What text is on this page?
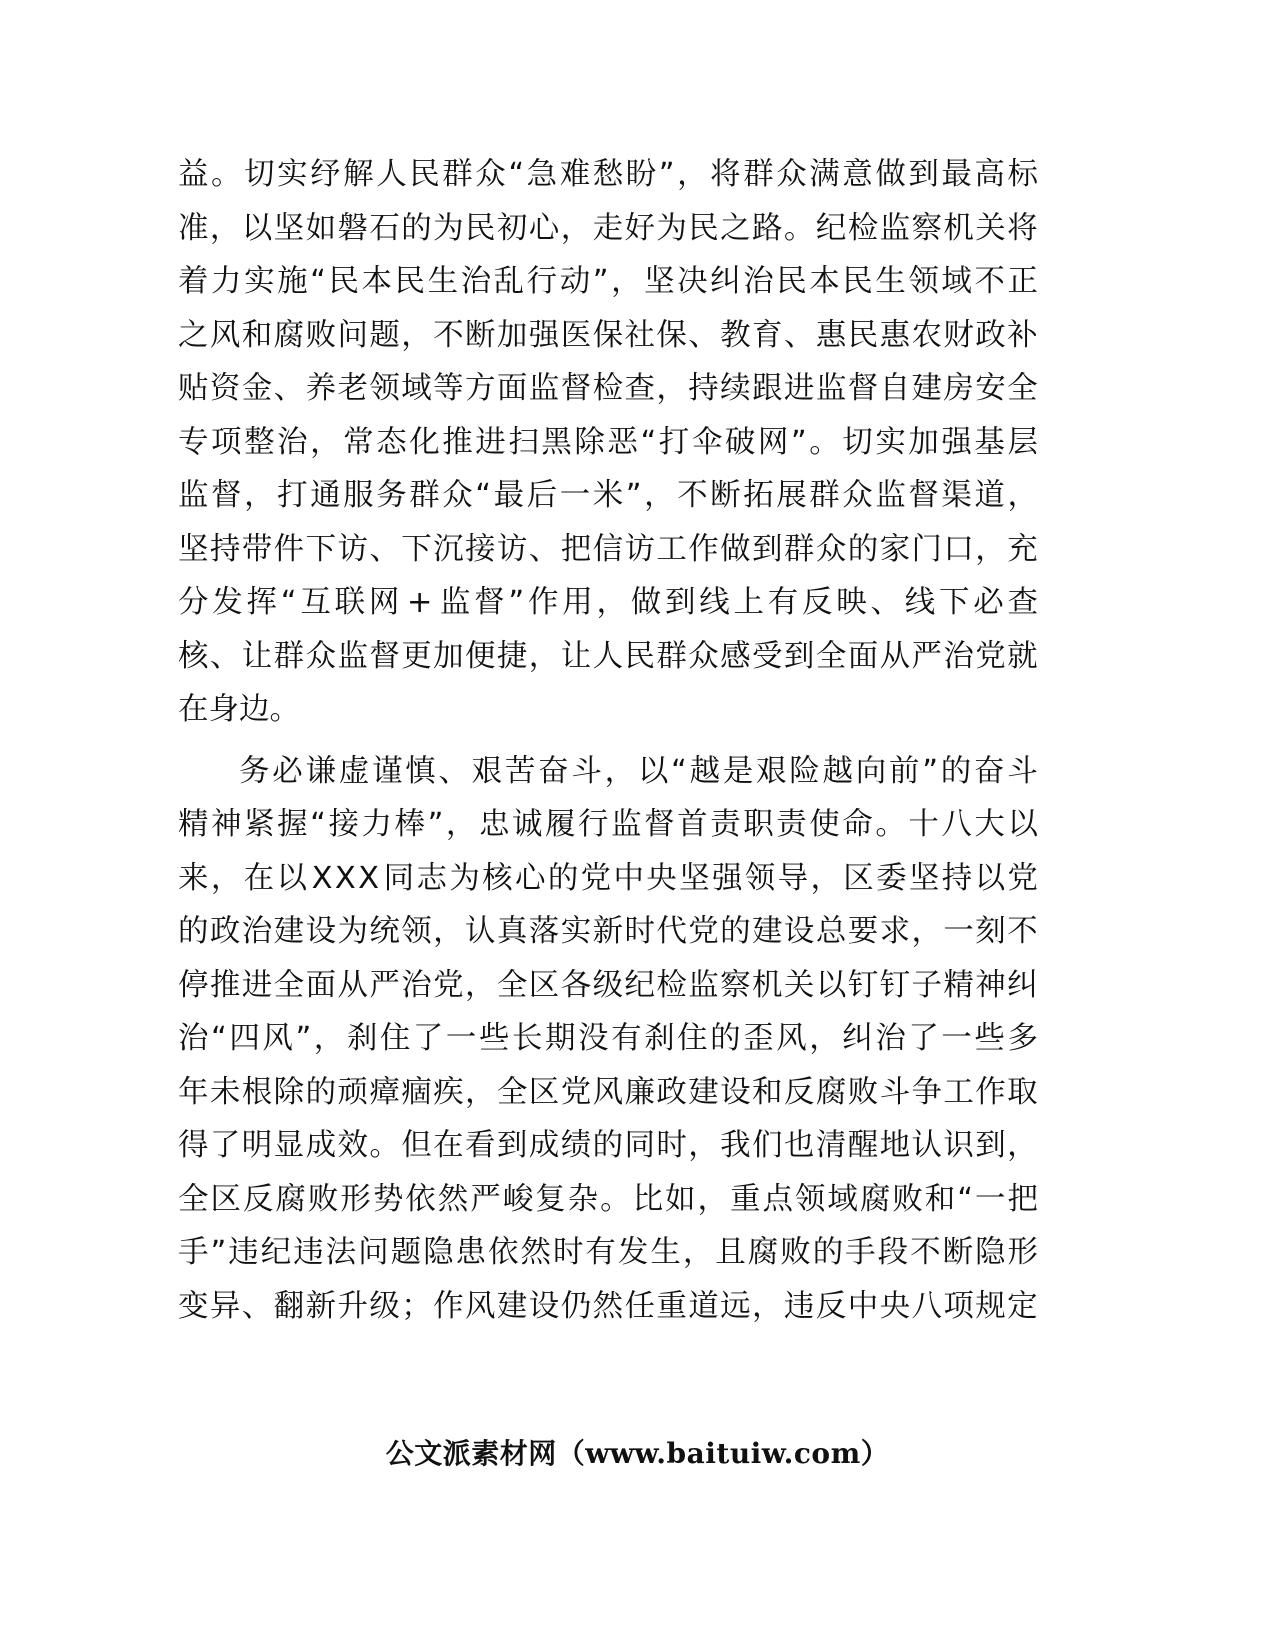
益 。 切 实 纾 解 人 民 群 众 “ 急 难 愁 盼 ” ， 将 群 众 满 意 做 到 最 高 标
准 ， 以 坚 如 磐 石 的 为 民 初 心 ， 走 好 为 民 之 路 。 纪 检 监 察 机 关 将
着 力 实 施 “ 民 本 民 生 治 乱 行 动 ” ， 坚 决 纠 治 民 本 民 生 领 域 不 正
之 风 和 腐 败 问 题 ， 不 断 加 强 医 保 社 保 、 教 育 、 惠 民 惠 农 财 政 补
贴 资 金 、 养 老 领 域 等 方 面 监 督 检 查 ， 持 续 跟 进 监 督 自 建 房 安 全
专 项 整 治 ， 常 态 化 推 进 扫 黑 除 恶 “ 打 伞 破 网 ” 。 切 实 加 强 基 层
监 督 ， 打 通 服 务 群 众 “ 最 后 一 米 ” ， 不 断 拓 展 群 众 监 督 渠 道 ，
坚 持 带 件 下 访 、 下 沉 接 访 、 把 信 访 工 作 做 到 群 众 的 家 门 口 ， 充
分 发 挥 “ 互 联 网 + 监 督 ” 作 用 ， 做 到 线 上 有 反 映 、 线 下 必 查
核 、 让 群 众 监 督 更 加 便 捷 ， 让 人 民 群 众 感 受 到 全 面 从 严 治 党 就
在身边。
务 必 谦 虚 谨 慎 、 艰 苦 奋 斗 ， 以 “ 越 是 艰 险 越 向 前 ” 的 奋 斗
精 神 紧 握 “ 接 力 棒 ” ， 忠 诚 履 行 监 督 首 责 职 责 使 命 。 十 八 大 以
来 ， 在 以 X X X 同 志 为 核 心 的 党 中 央 坚 强 领 导 ， 区 委 坚 持 以 党
的 政 治 建 设 为 统 领 ， 认 真 落 实 新 时 代 党 的 建 设 总 要 求 ， 一 刻 不
停 推 进 全 面 从 严 治 党 ， 全 区 各 级 纪 检 监 察 机 关 以 钉 钉 子 精 神 纠
治 “ 四 风 ” ， 刹 住 了 一 些 长 期 没 有 刹 住 的 歪 风 ， 纠 治 了 一 些 多
年 未 根 除 的 顽 瘴 痼 疾 ， 全 区 党 风 廉 政 建 设 和 反 腐 败 斗 争 工 作 取
得 了 明 显 成 效 。 但 在 看 到 成 绩 的 同 时 ， 我 们 也 清 醒 地 认 识 到 ，
全 区 反 腐 败 形 势 依 然 严 峻 复 杂 。 比 如 ， 重 点 领 域 腐 败 和 “ 一 把
手 ” 违 纪 违 法 问 题 隐 患 依 然 时 有 发 生 ， 且 腐 败 的 手 段 不 断 隐 形
变 异 、 翻 新 升 级 ； 作 风 建 设 仍 然 任 重 道 远 ， 违 反 中 央 八 项 规 定
公文派素材网（www.baituiw.com）
